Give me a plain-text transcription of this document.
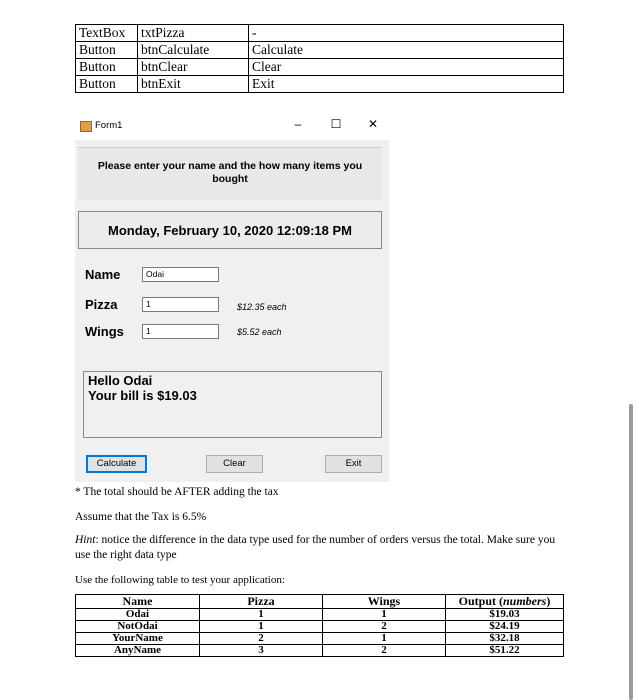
TextBox	txtPizza	-
Button	btnCalculate	Calculate
Button	btnClear	Clear
Button	btnExit	Exit
Form1	–	☐	✕
Please enter your name and the how many items you bought
Monday, February 10, 2020 12:09:18 PM
Name	Odai
Pizza	1	$12.35 each
Wings	1	$5.52 each
Hello Odai
Your bill is $19.03
Calculate	Clear	Exit
* The total should be AFTER adding the tax
Assume that the Tax is 6.5%
Hint: notice the difference in the data type used for the number of orders versus the total. Make sure you use the right data type
Use the following table to test your application:
Name	Pizza	Wings	Output (numbers)
Odai	1	1	$19.03
NotOdai	1	2	$24.19
YourName	2	1	$32.18
AnyName	3	2	$51.22
